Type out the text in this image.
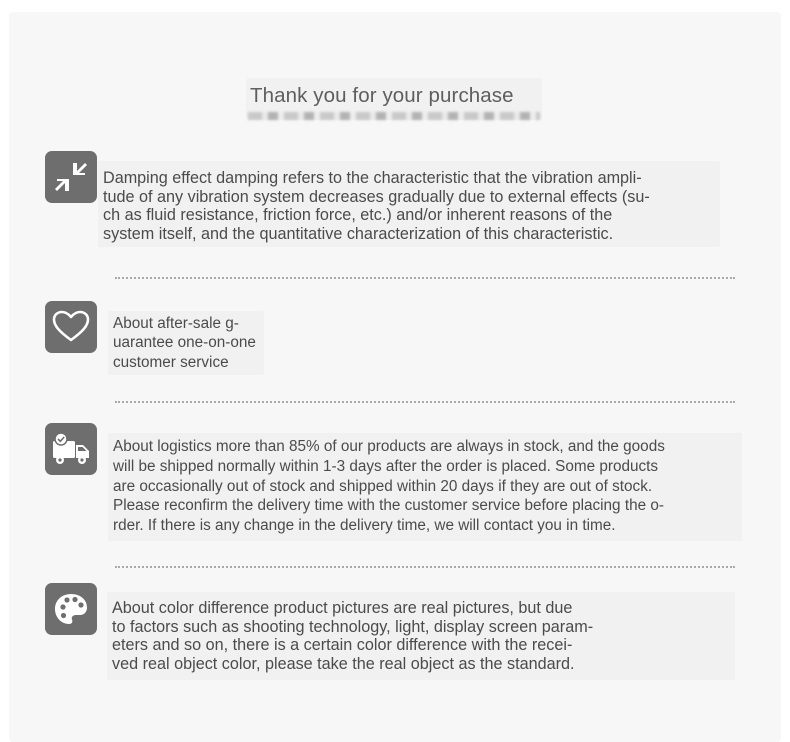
Thank you for your purchase

Damping effect damping refers to the characteristic that the vibration ampli-
tude of any vibration system decreases gradually due to external effects (su-
ch as fluid resistance, friction force, etc.) and/or inherent reasons of the
system itself, and the quantitative characterization of this characteristic.

About after-sale g-
uarantee one-on-one
customer service

About logistics more than 85% of our products are always in stock, and the goods
will be shipped normally within 1-3 days after the order is placed. Some products
are occasionally out of stock and shipped within 20 days if they are out of stock.
Please reconfirm the delivery time with the customer service before placing the o-
rder. If there is any change in the delivery time, we will contact you in time.

About color difference product pictures are real pictures, but due
to factors such as shooting technology, light, display screen param-
eters and so on, there is a certain color difference with the recei-
ved real object color, please take the real object as the standard.
